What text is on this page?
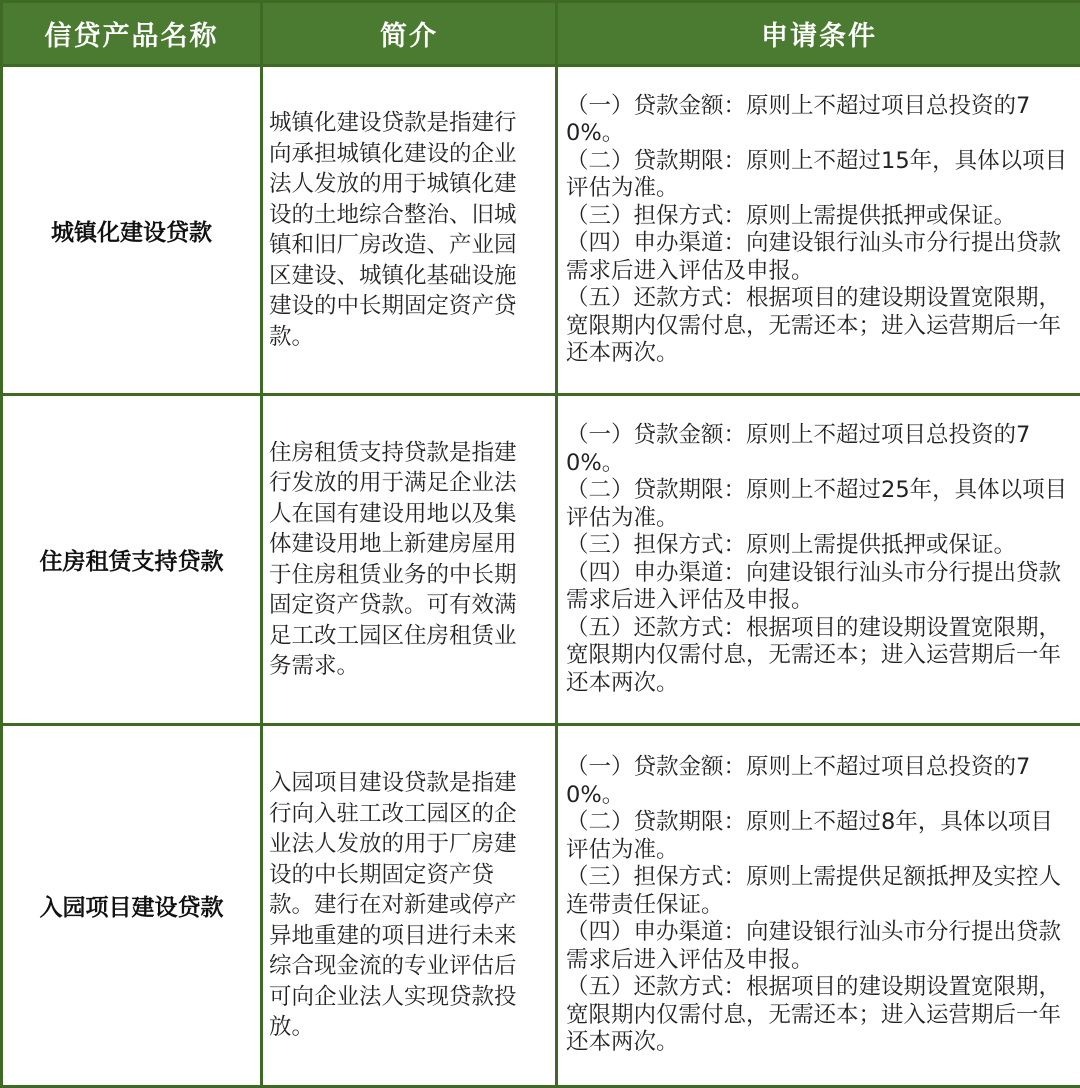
信贷产品名称	简介	申请条件
城镇化建设贷款	城镇化建设贷款是指建行向承担城镇化建设的企业法人发放的用于城镇化建设的土地综合整治、旧城镇和旧厂房改造、产业园区建设、城镇化基础设施建设的中长期固定资产贷款。	（一）贷款金额：原则上不超过项目总投资的70%。
（二）贷款期限：原则上不超过15年，具体以项目评估为准。
（三）担保方式：原则上需提供抵押或保证。
（四）申办渠道：向建设银行汕头市分行提出贷款需求后进入评估及申报。
（五）还款方式：根据项目的建设期设置宽限期，宽限期内仅需付息，无需还本；进入运营期后一年还本两次。

住房租赁支持贷款	住房租赁支持贷款是指建行发放的用于满足企业法人在国有建设用地以及集体建设用地上新建房屋用于住房租赁业务的中长期固定资产贷款。可有效满足工改工园区住房租赁业务需求。	（一）贷款金额：原则上不超过项目总投资的70%。
（二）贷款期限：原则上不超过25年，具体以项目评估为准。
（三）担保方式：原则上需提供抵押或保证。
（四）申办渠道：向建设银行汕头市分行提出贷款需求后进入评估及申报。
（五）还款方式：根据项目的建设期设置宽限期，宽限期内仅需付息，无需还本；进入运营期后一年还本两次。

入园项目建设贷款	入园项目建设贷款是指建行向入驻工改工园区的企业法人发放的用于厂房建设的中长期固定资产贷款。建行在对新建或停产异地重建的项目进行未来综合现金流的专业评估后可向企业法人实现贷款投放。	（一）贷款金额：原则上不超过项目总投资的70%。
（二）贷款期限：原则上不超过8年，具体以项目评估为准。
（三）担保方式：原则上需提供足额抵押及实控人连带责任保证。
（四）申办渠道：向建设银行汕头市分行提出贷款需求后进入评估及申报。
（五）还款方式：根据项目的建设期设置宽限期，宽限期内仅需付息，无需还本；进入运营期后一年还本两次。
